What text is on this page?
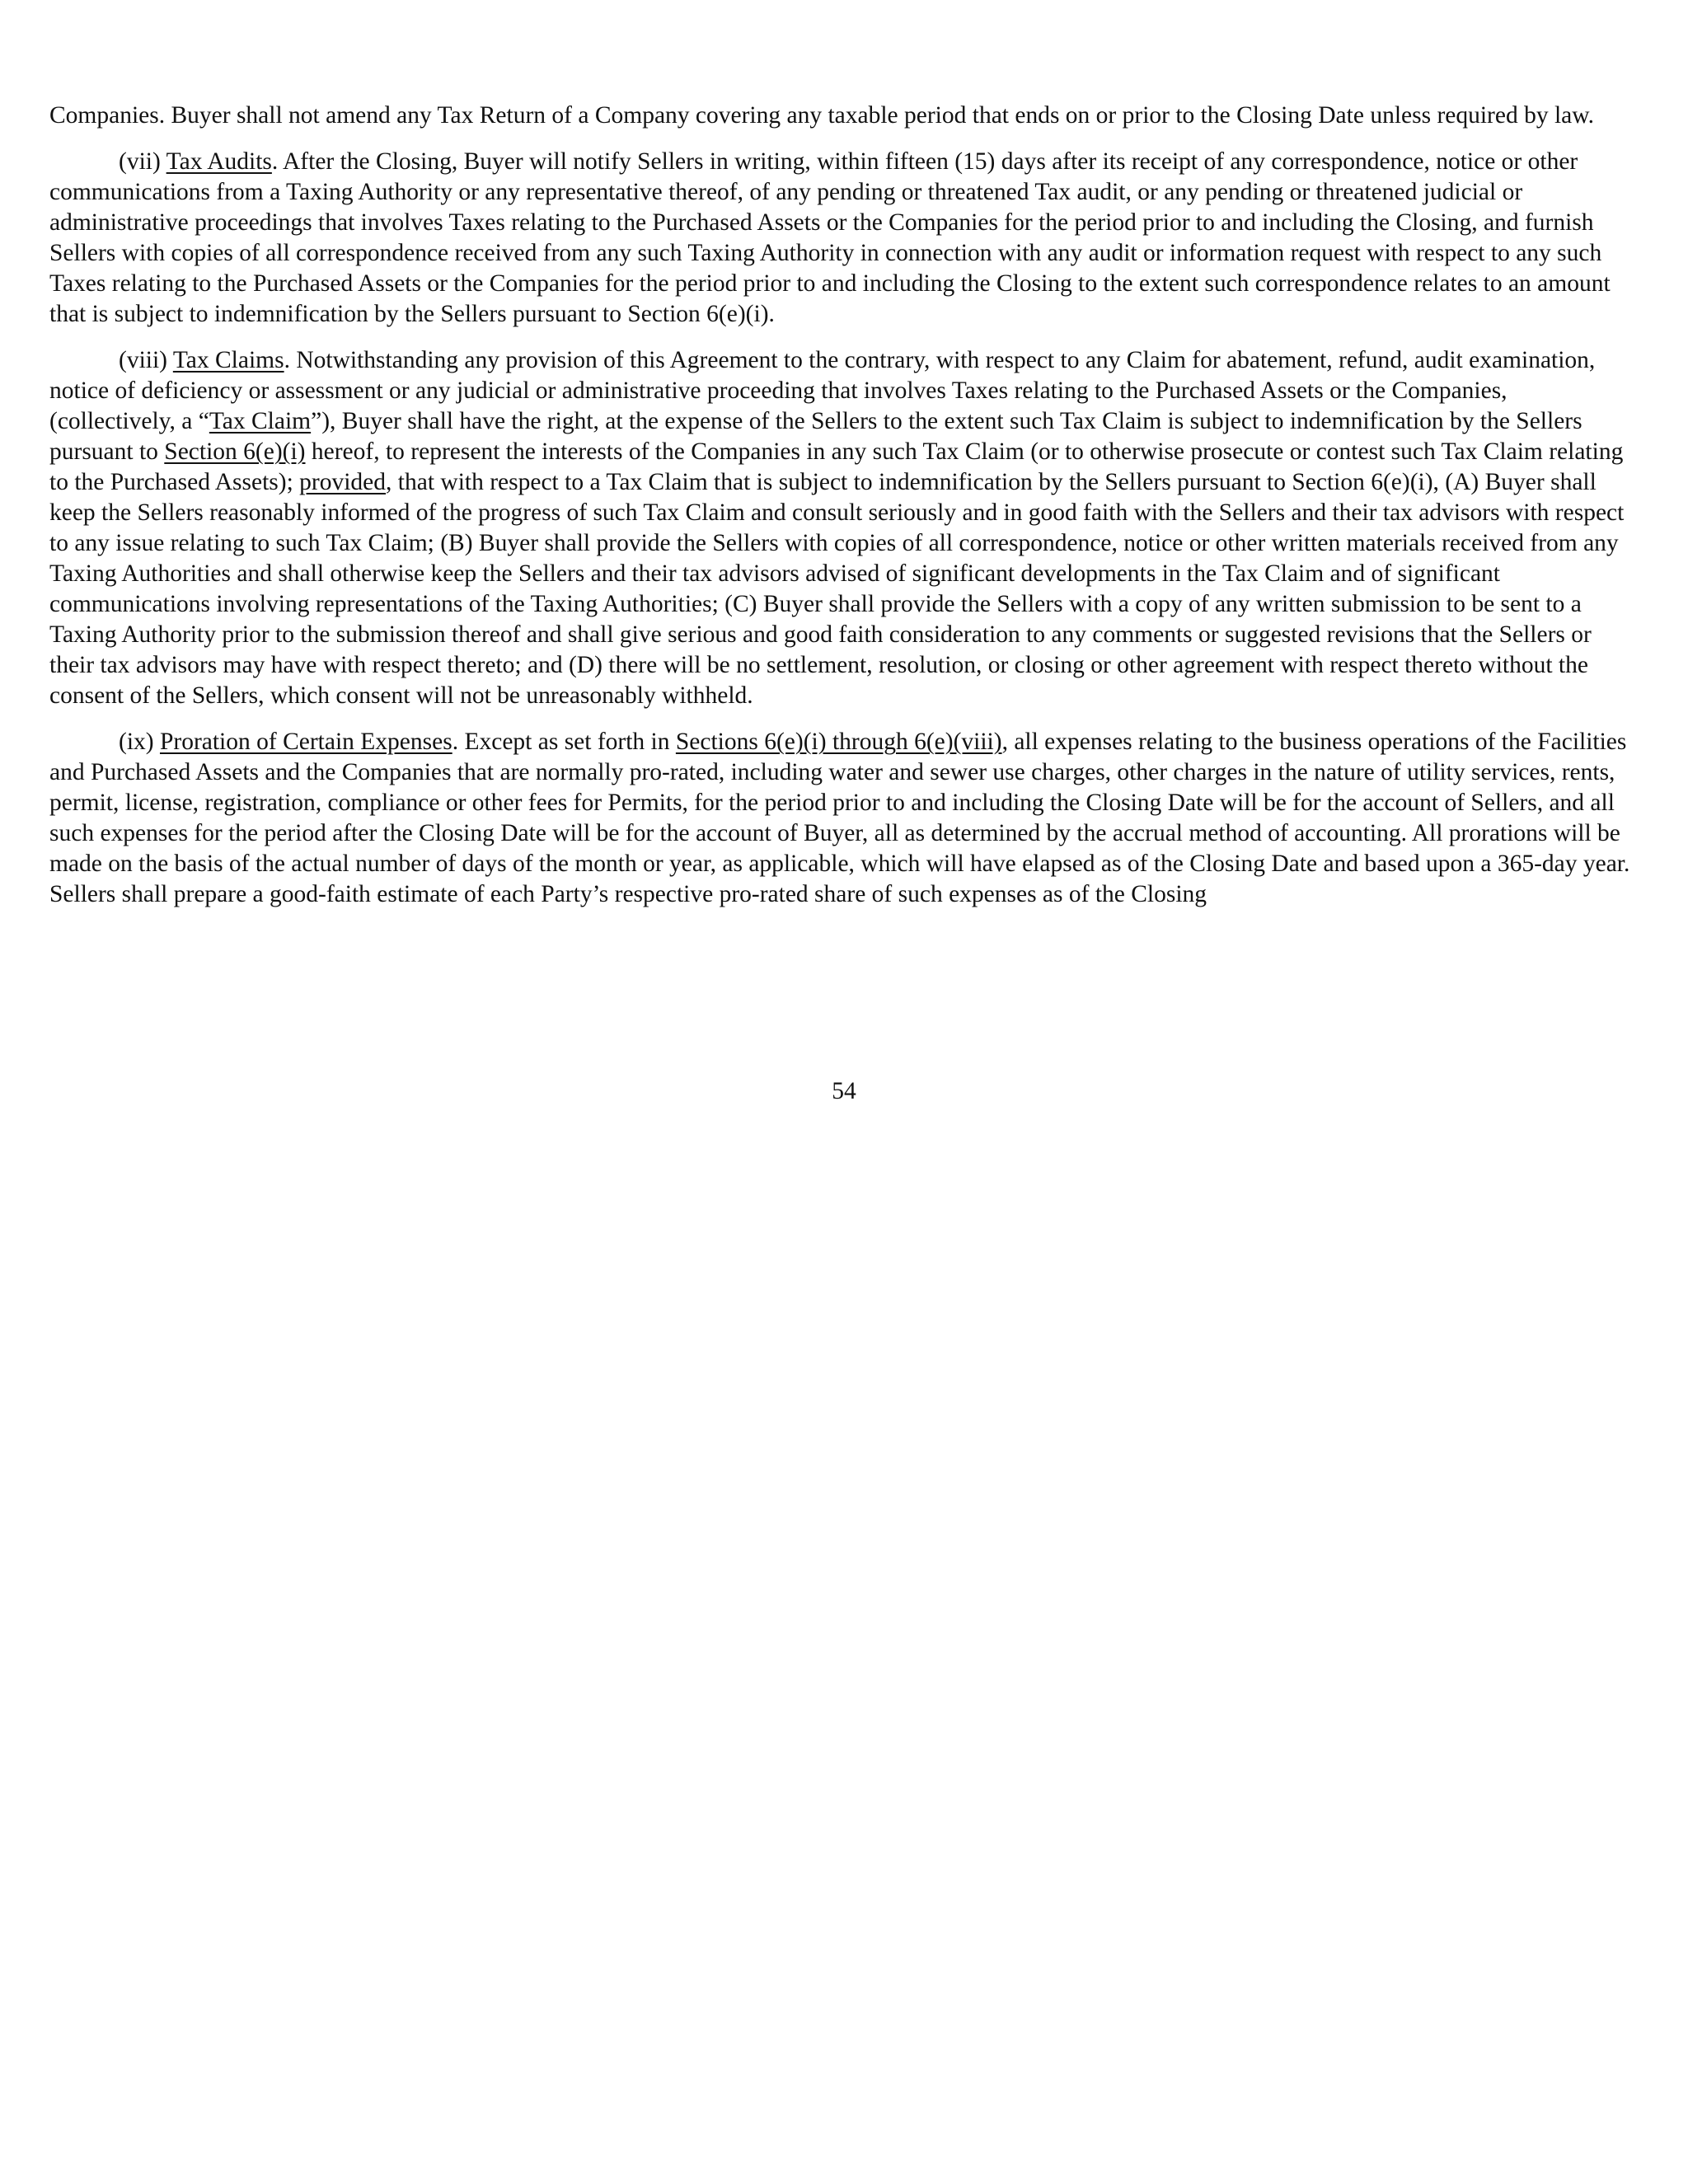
Companies. Buyer shall not amend any Tax Return of a Company covering any taxable period that ends on or prior to the Closing Date unless required by law.

(vii) Tax Audits. After the Closing, Buyer will notify Sellers in writing, within fifteen (15) days after its receipt of any correspondence, notice or other communications from a Taxing Authority or any representative thereof, of any pending or threatened Tax audit, or any pending or threatened judicial or administrative proceedings that involves Taxes relating to the Purchased Assets or the Companies for the period prior to and including the Closing, and furnish Sellers with copies of all correspondence received from any such Taxing Authority in connection with any audit or information request with respect to any such Taxes relating to the Purchased Assets or the Companies for the period prior to and including the Closing to the extent such correspondence relates to an amount that is subject to indemnification by the Sellers pursuant to Section 6(e)(i).

(viii) Tax Claims. Notwithstanding any provision of this Agreement to the contrary, with respect to any Claim for abatement, refund, audit examination, notice of deficiency or assessment or any judicial or administrative proceeding that involves Taxes relating to the Purchased Assets or the Companies, (collectively, a “Tax Claim”), Buyer shall have the right, at the expense of the Sellers to the extent such Tax Claim is subject to indemnification by the Sellers pursuant to Section 6(e)(i) hereof, to represent the interests of the Companies in any such Tax Claim (or to otherwise prosecute or contest such Tax Claim relating to the Purchased Assets); provided, that with respect to a Tax Claim that is subject to indemnification by the Sellers pursuant to Section 6(e)(i), (A) Buyer shall keep the Sellers reasonably informed of the progress of such Tax Claim and consult seriously and in good faith with the Sellers and their tax advisors with respect to any issue relating to such Tax Claim; (B) Buyer shall provide the Sellers with copies of all correspondence, notice or other written materials received from any Taxing Authorities and shall otherwise keep the Sellers and their tax advisors advised of significant developments in the Tax Claim and of significant communications involving representations of the Taxing Authorities; (C) Buyer shall provide the Sellers with a copy of any written submission to be sent to a Taxing Authority prior to the submission thereof and shall give serious and good faith consideration to any comments or suggested revisions that the Sellers or their tax advisors may have with respect thereto; and (D) there will be no settlement, resolution, or closing or other agreement with respect thereto without the consent of the Sellers, which consent will not be unreasonably withheld.

(ix) Proration of Certain Expenses. Except as set forth in Sections 6(e)(i) through 6(e)(viii), all expenses relating to the business operations of the Facilities and Purchased Assets and the Companies that are normally pro-rated, including water and sewer use charges, other charges in the nature of utility services, rents, permit, license, registration, compliance or other fees for Permits, for the period prior to and including the Closing Date will be for the account of Sellers, and all such expenses for the period after the Closing Date will be for the account of Buyer, all as determined by the accrual method of accounting. All prorations will be made on the basis of the actual number of days of the month or year, as applicable, which will have elapsed as of the Closing Date and based upon a 365-day year. Sellers shall prepare a good-faith estimate of each Party’s respective pro-rated share of such expenses as of the Closing

54
